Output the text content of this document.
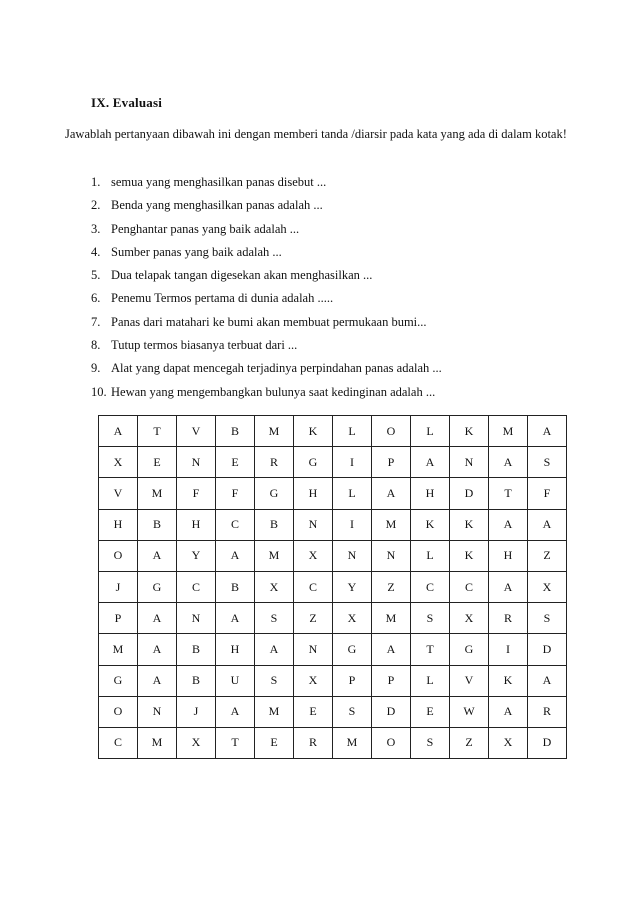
IX. Evaluasi

Jawablah pertanyaan dibawah ini dengan memberi tanda /diarsir pada kata yang ada di dalam kotak!

1. semua yang menghasilkan panas disebut ...
2. Benda yang menghasilkan panas adalah ...
3. Penghantar panas yang baik adalah ...
4. Sumber panas yang baik adalah ...
5. Dua telapak tangan digesekan akan menghasilkan ...
6. Penemu Termos pertama di dunia adalah .....
7. Panas dari matahari ke bumi akan membuat permukaan bumi...
8. Tutup termos biasanya terbuat dari ...
9. Alat yang dapat mencegah terjadinya perpindahan panas adalah ...
10. Hewan yang mengembangkan bulunya saat kedinginan adalah ...
A	T	V	B	M	K	L	O	L	K	M	A
X	E	N	E	R	G	I	P	A	N	A	S
V	M	F	F	G	H	L	A	H	D	T	F
H	B	H	C	B	N	I	M	K	K	A	A
O	A	Y	A	M	X	N	N	L	K	H	Z
J	G	C	B	X	C	Y	Z	C	C	A	X
P	A	N	A	S	Z	X	M	S	X	R	S
M	A	B	H	A	N	G	A	T	G	I	D
G	A	B	U	S	X	P	P	L	V	K	A
O	N	J	A	M	E	S	D	E	W	A	R
C	M	X	T	E	R	M	O	S	Z	X	D
